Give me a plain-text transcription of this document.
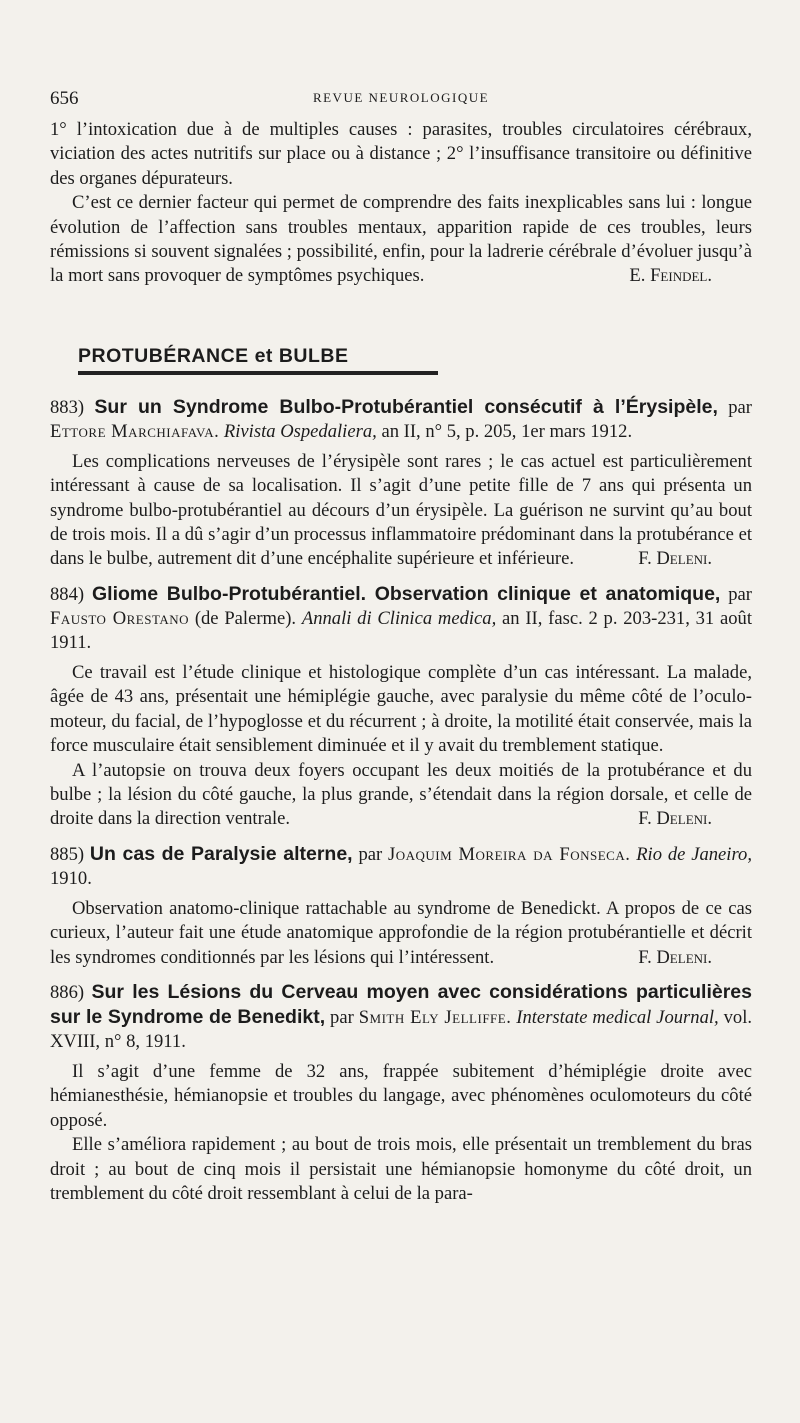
656	REVUE NEUROLOGIQUE

1° l’intoxication due à de multiples causes : parasites, troubles circulatoires cérébraux, viciation des actes nutritifs sur place ou à distance ; 2° l’insuffisance transitoire ou définitive des organes dépurateurs.

C’est ce dernier facteur qui permet de comprendre des faits inexplicables sans lui : longue évolution de l’affection sans troubles mentaux, apparition rapide de ces troubles, leurs rémissions si souvent signalées ; possibilité, enfin, pour la ladrerie cérébrale d’évoluer jusqu’à la mort sans provoquer de symptômes psychiques.	E. Feindel.

PROTUBÉRANCE et BULBE
883) Sur un Syndrome Bulbo-Protubérantiel consécutif à l’Érysipèle, par Ettore Marchiafava. Rivista Ospedaliera, an II, n° 5, p. 205, 1er mars 1912.

Les complications nerveuses de l’érysipèle sont rares ; le cas actuel est particulièrement intéressant à cause de sa localisation. Il s’agit d’une petite fille de 7 ans qui présenta un syndrome bulbo-protubérantiel au décours d’un érysipèle. La guérison ne survint qu’au bout de trois mois. Il a dû s’agir d’un processus inflammatoire prédominant dans la protubérance et dans le bulbe, autrement dit d’une encéphalite supérieure et inférieure.	F. Deleni.

884) Gliome Bulbo-Protubérantiel. Observation clinique et anatomique, par Fausto Orestano (de Palerme). Annali di Clinica medica, an II, fasc. 2 p. 203-231, 31 août 1911.

Ce travail est l’étude clinique et histologique complète d’un cas intéressant. La malade, âgée de 43 ans, présentait une hémiplégie gauche, avec paralysie du même côté de l’oculo-moteur, du facial, de l’hypoglosse et du récurrent ; à droite, la motilité était conservée, mais la force musculaire était sensiblement diminuée et il y avait du tremblement statique.

A l’autopsie on trouva deux foyers occupant les deux moitiés de la protubérance et du bulbe ; la lésion du côté gauche, la plus grande, s’étendait dans la région dorsale, et celle de droite dans la direction ventrale.	F. Deleni.

885) Un cas de Paralysie alterne, par Joaquim Moreira da Fonseca. Rio de Janeiro, 1910.

Observation anatomo-clinique rattachable au syndrome de Benedickt. A propos de ce cas curieux, l’auteur fait une étude anatomique approfondie de la région protubérantielle et décrit les syndromes conditionnés par les lésions qui l’intéressent.	F. Deleni.

886) Sur les Lésions du Cerveau moyen avec considérations particulières sur le Syndrome de Benedikt, par Smith Ely Jelliffe. Interstate medical Journal, vol. XVIII, n° 8, 1911.

Il s’agit d’une femme de 32 ans, frappée subitement d’hémiplégie droite avec hémianesthésie, hémianopsie et troubles du langage, avec phénomènes oculomoteurs du côté opposé.

Elle s’améliora rapidement ; au bout de trois mois, elle présentait un tremblement du bras droit ; au bout de cinq mois il persistait une hémianopsie homonyme du côté droit, un tremblement du côté droit ressemblant à celui de la para-
